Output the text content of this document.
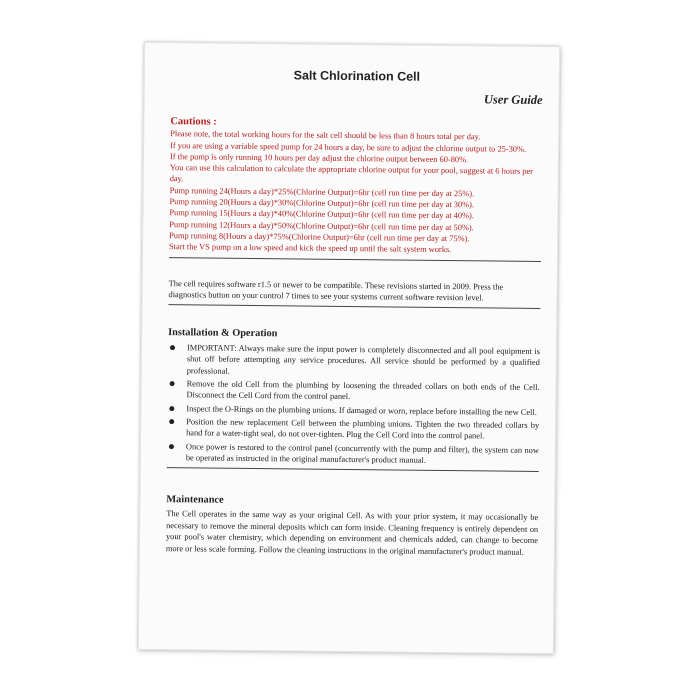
Salt Chlorination Cell
User Guide
Cautions :

Please note, the total working hours for the salt cell should be less than 8 hours total per day.

If you are using a variable speed pump for 24 hours a day, be sure to adjust the chlorine output to 25-30%.

If the pump is only running 10 hours per day adjust the chlorine output between 60-80%.

You can use this calculation to calculate the appropriate chlorine output for your pool, suggest at 6 hours per day.

Pump running 24(Hours a day)*25%(Chlorine Output)=6hr (cell run time per day at 25%).

Pump running 20(Hours a day)*30%(Chlorine Output)=6hr (cell run time per day at 30%).

Pump running 15(Hours a day)*40%(Chlorine Output)=6hr (cell run time per day at 40%).

Pump running 12(Hours a day)*50%(Chlorine Output)=6hr (cell run time per day at 50%).

Pump running 8(Hours a day)*75%(Chlorine Output)=6hr (cell run time per day at 75%).

Start the VS pump on a low speed and kick the speed up until the salt system works.

The cell requires software r1.5 or newer to be compatible. These revisions started in 2009. Press the diagnostics button on your control 7 times to see your systems current software revision level.
Installation & Operation
IMPORTANT: Always make sure the input power is completely disconnected and all pool equipment is shut off before attempting any service procedures. All service should be performed by a qualified professional.
Remove the old Cell from the plumbing by loosening the threaded collars on both ends of the Cell. Disconnect the Cell Cord from the control panel.
Inspect the O-Rings on the plumbing unions. If damaged or worn, replace before installing the new Cell.
Position the new replacement Cell between the plumbing unions. Tighten the two threaded collars by hand for a water-tight seal, do not over-tighten. Plug the Cell Cord into the control panel.
Once power is restored to the control panel (concurrently with the pump and filter), the system can now be operated as instructed in the original manufacturer's product manual.
Maintenance

The Cell operates in the same way as your original Cell. As with your prior system, it may occasionally be necessary to remove the mineral deposits which can form inside. Cleaning frequency is entirely dependent on your pool's water chemistry, which depending on environment and chemicals added, can change to become more or less scale forming. Follow the cleaning instructions in the original manufacturer's product manual.
